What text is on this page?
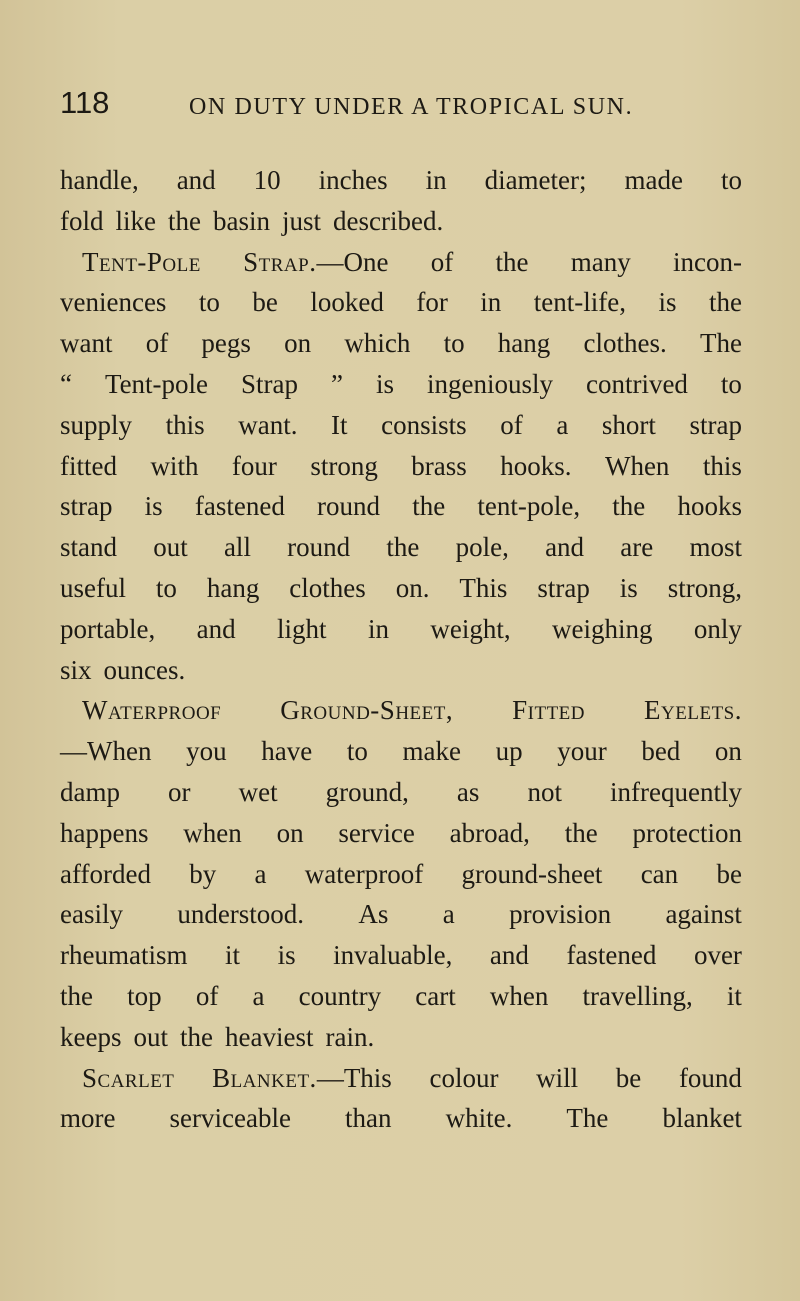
118	ON DUTY UNDER A TROPICAL SUN.
handle, and 10 inches in diameter; made to
fold like the basin just described.
Tent-Pole Strap.—One of the many incon-
veniences to be looked for in tent-life, is the
want of pegs on which to hang clothes. The
“ Tent-pole Strap ” is ingeniously contrived to
supply this want. It consists of a short strap
fitted with four strong brass hooks. When this
strap is fastened round the tent-pole, the hooks
stand out all round the pole, and are most
useful to hang clothes on. This strap is strong,
portable, and light in weight, weighing only
six ounces.
Waterproof Ground-Sheet, Fitted Eyelets.
—When you have to make up your bed on
damp or wet ground, as not infrequently
happens when on service abroad, the protection
afforded by a waterproof ground-sheet can be
easily understood. As a provision against
rheumatism it is invaluable, and fastened over
the top of a country cart when travelling, it
keeps out the heaviest rain.
Scarlet Blanket.—This colour will be found
more serviceable than white. The blanket
